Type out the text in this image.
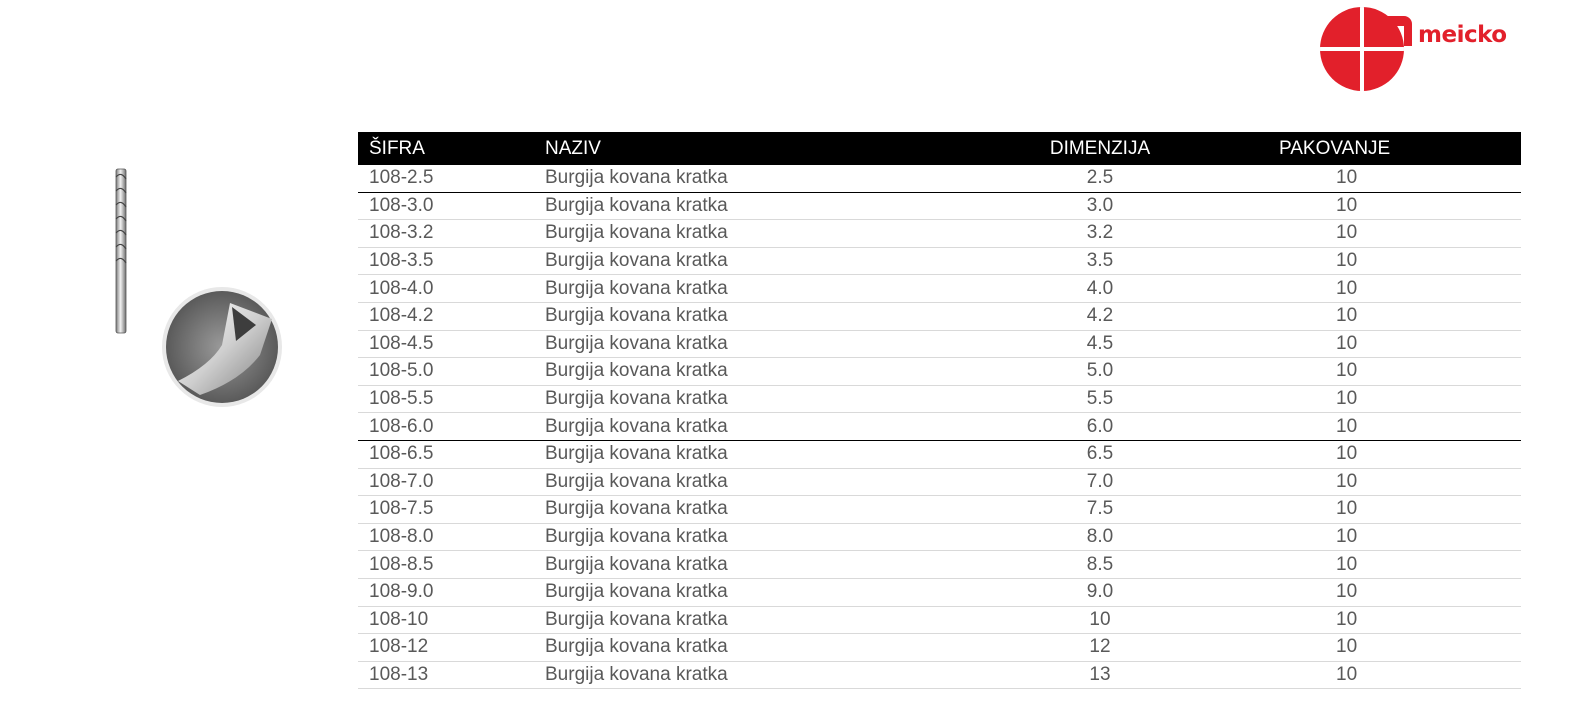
meicko
ŠIFRA	NAZIV	DIMENZIJA	PAKOVANJE
108-2.5	Burgija kovana kratka	2.5	10
108-3.0	Burgija kovana kratka	3.0	10
108-3.2	Burgija kovana kratka	3.2	10
108-3.5	Burgija kovana kratka	3.5	10
108-4.0	Burgija kovana kratka	4.0	10
108-4.2	Burgija kovana kratka	4.2	10
108-4.5	Burgija kovana kratka	4.5	10
108-5.0	Burgija kovana kratka	5.0	10
108-5.5	Burgija kovana kratka	5.5	10
108-6.0	Burgija kovana kratka	6.0	10
108-6.5	Burgija kovana kratka	6.5	10
108-7.0	Burgija kovana kratka	7.0	10
108-7.5	Burgija kovana kratka	7.5	10
108-8.0	Burgija kovana kratka	8.0	10
108-8.5	Burgija kovana kratka	8.5	10
108-9.0	Burgija kovana kratka	9.0	10
108-10	Burgija kovana kratka	10	10
108-12	Burgija kovana kratka	12	10
108-13	Burgija kovana kratka	13	10
